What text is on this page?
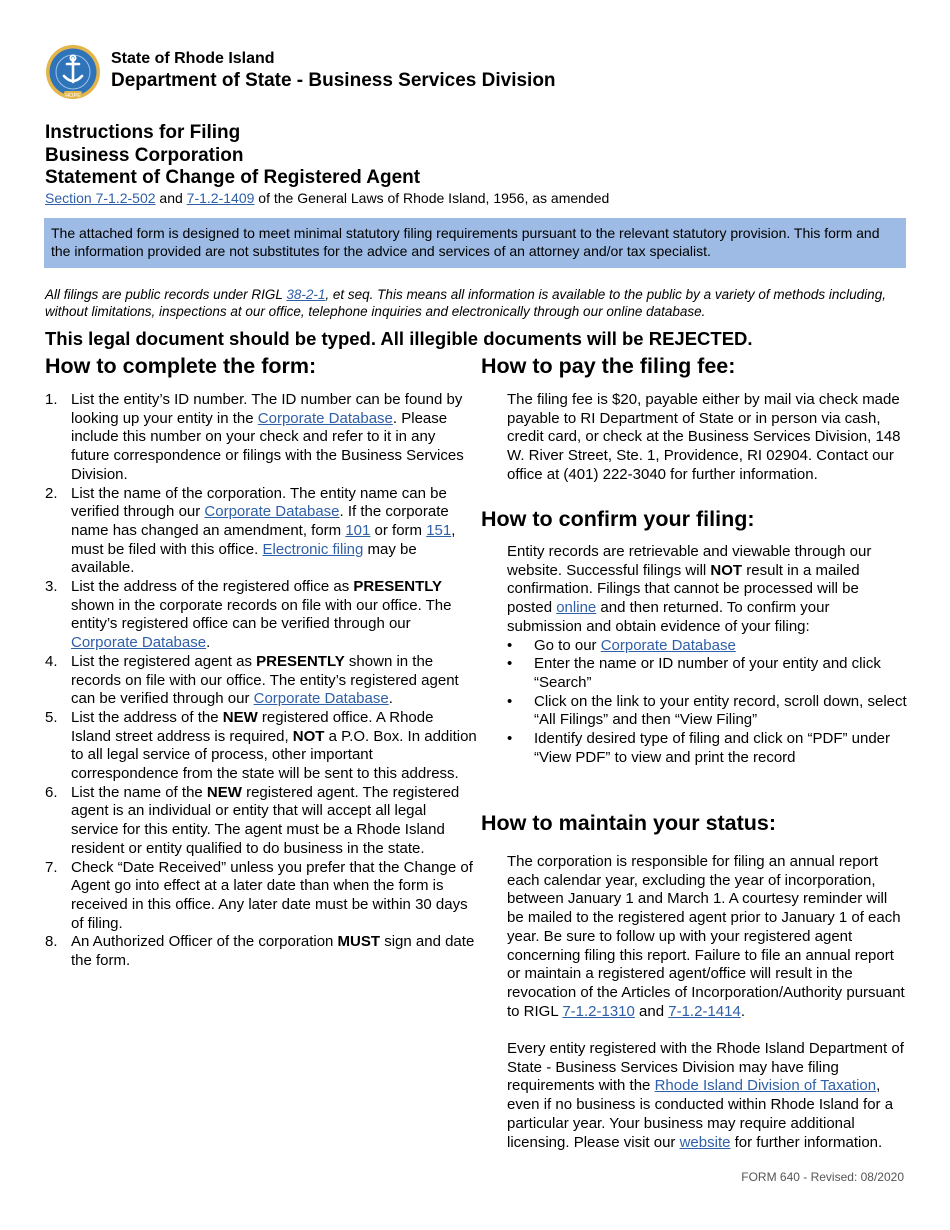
HOPE
State of Rhode Island
Department of State - Business Services Division
Instructions for Filing
Business Corporation
Statement of Change of Registered Agent
Section 7-1.2-502 and 7-1.2-1409 of the General Laws of Rhode Island, 1956, as amended
The attached form is designed to meet minimal statutory filing requirements pursuant to the relevant statutory provision. This form and the information provided are not substitutes for the advice and services of an attorney and/or tax specialist.
All filings are public records under RIGL 38-2-1, et seq. This means all information is available to the public by a variety of methods including, without limitations, inspections at our office, telephone inquiries and electronically through our online database.
This legal document should be typed. All illegible documents will be REJECTED.
How to complete the form:
1. List the entity’s ID number. The ID number can be found by looking up your entity in the Corporate Database. Please include this number on your check and refer to it in any future correspondence or filings with the Business Services Division.
2. List the name of the corporation. The entity name can be verified through our Corporate Database. If the corporate name has changed an amendment, form 101 or form 151, must be filed with this office. Electronic filing may be available.
3. List the address of the registered office as PRESENTLY shown in the corporate records on file with our office. The entity’s registered office can be verified through our Corporate Database.
4. List the registered agent as PRESENTLY shown in the records on file with our office. The entity’s registered agent can be verified through our Corporate Database.
5. List the address of the NEW registered office. A Rhode Island street address is required, NOT a P.O. Box. In addition to all legal service of process, other important correspondence from the state will be sent to this address.
6. List the name of the NEW registered agent. The registered agent is an individual or entity that will accept all legal service for this entity. The agent must be a Rhode Island resident or entity qualified to do business in the state.
7. Check “Date Received” unless you prefer that the Change of Agent go into effect at a later date than when the form is received in this office. Any later date must be within 30 days of filing.
8. An Authorized Officer of the corporation MUST sign and date the form.
How to pay the filing fee:
The filing fee is $20, payable either by mail via check made payable to RI Department of State or in person via cash, credit card, or check at the Business Services Division, 148 W. River Street, Ste. 1, Providence, RI 02904. Contact our office at (401) 222-3040 for further information.
How to confirm your filing:
Entity records are retrievable and viewable through our website. Successful filings will NOT result in a mailed confirmation. Filings that cannot be processed will be posted online and then returned. To confirm your submission and obtain evidence of your filing:
•	Go to our Corporate Database
•	Enter the name or ID number of your entity and click “Search”
•	Click on the link to your entity record, scroll down, select “All Filings” and then “View Filing”
•	Identify desired type of filing and click on “PDF” under “View PDF” to view and print the record
How to maintain your status:
The corporation is responsible for filing an annual report each calendar year, excluding the year of incorporation, between January 1 and March 1. A courtesy reminder will be mailed to the registered agent prior to January 1 of each year. Be sure to follow up with your registered agent concerning filing this report. Failure to file an annual report or maintain a registered agent/office will result in the revocation of the Articles of Incorporation/Authority pursuant to RIGL 7-1.2-1310 and 7-1.2-1414.
Every entity registered with the Rhode Island Department of State - Business Services Division may have filing requirements with the Rhode Island Division of Taxation, even if no business is conducted within Rhode Island for a particular year. Your business may require additional licensing. Please visit our website for further information.
FORM 640 - Revised: 08/2020
